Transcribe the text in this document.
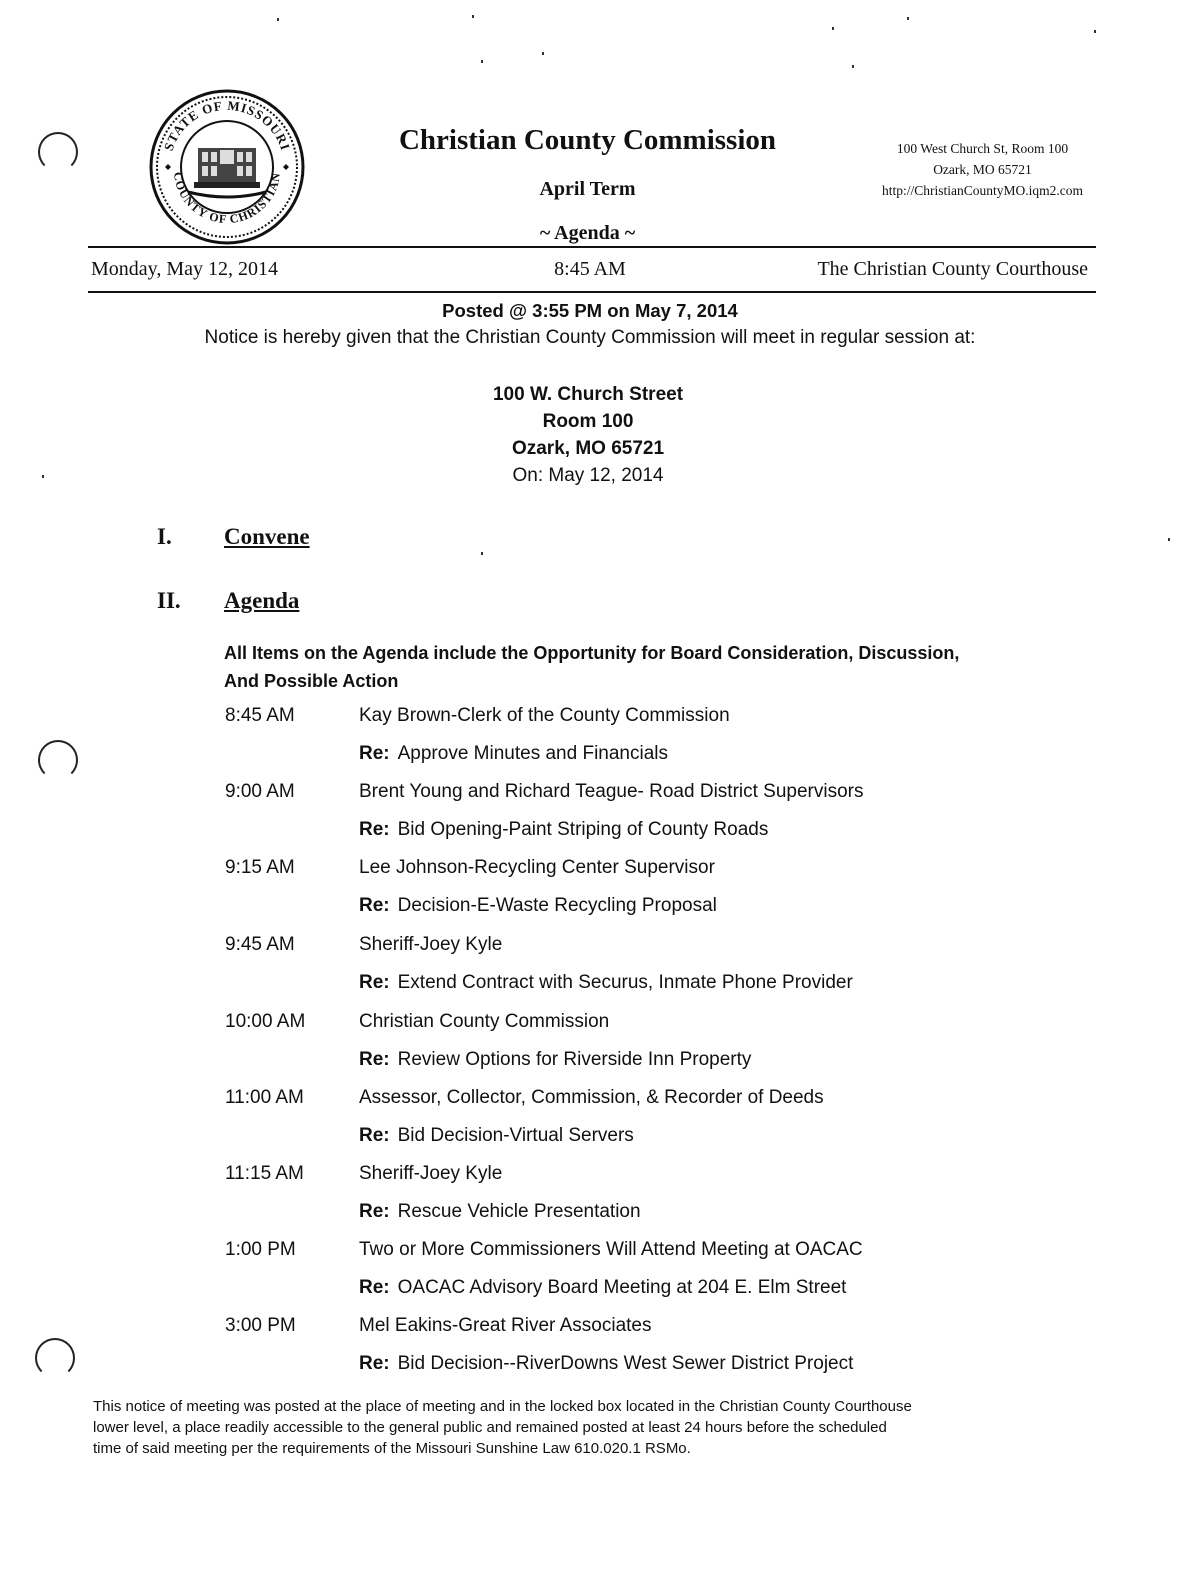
STATE OF MISSOURI
COUNTY OF CHRISTIAN
Christian County Commission
April Term
~ Agenda ~
100 West Church St, Room 100
Ozark, MO 65721
http://ChristianCountyMO.iqm2.com
Monday, May 12, 2014	8:45 AM	The Christian County Courthouse
Posted @ 3:55 PM on May 7, 2014
Notice is hereby given that the Christian County Commission will meet in regular session at:
100 W. Church Street
Room 100
Ozark, MO 65721
On: May 12, 2014
I. Convene
II. Agenda
All Items on the Agenda include the Opportunity for Board Consideration, Discussion,
And Possible Action
8:45 AM	Kay Brown-Clerk of the County Commission
Re: Approve Minutes and Financials
9:00 AM	Brent Young and Richard Teague- Road District Supervisors
Re: Bid Opening-Paint Striping of County Roads
9:15 AM	Lee Johnson-Recycling Center Supervisor
Re: Decision-E-Waste Recycling Proposal
9:45 AM	Sheriff-Joey Kyle
Re: Extend Contract with Securus, Inmate Phone Provider
10:00 AM	Christian County Commission
Re: Review Options for Riverside Inn Property
11:00 AM	Assessor, Collector, Commission, & Recorder of Deeds
Re: Bid Decision-Virtual Servers
11:15 AM	Sheriff-Joey Kyle
Re: Rescue Vehicle Presentation
1:00 PM	Two or More Commissioners Will Attend Meeting at OACAC
Re: OACAC Advisory Board Meeting at 204 E. Elm Street
3:00 PM	Mel Eakins-Great River Associates
Re: Bid Decision--RiverDowns West Sewer District Project
This notice of meeting was posted at the place of meeting and in the locked box located in the Christian County Courthouse
lower level, a place readily accessible to the general public and remained posted at least 24 hours before the scheduled
time of said meeting per the requirements of the Missouri Sunshine Law 610.020.1 RSMo.
